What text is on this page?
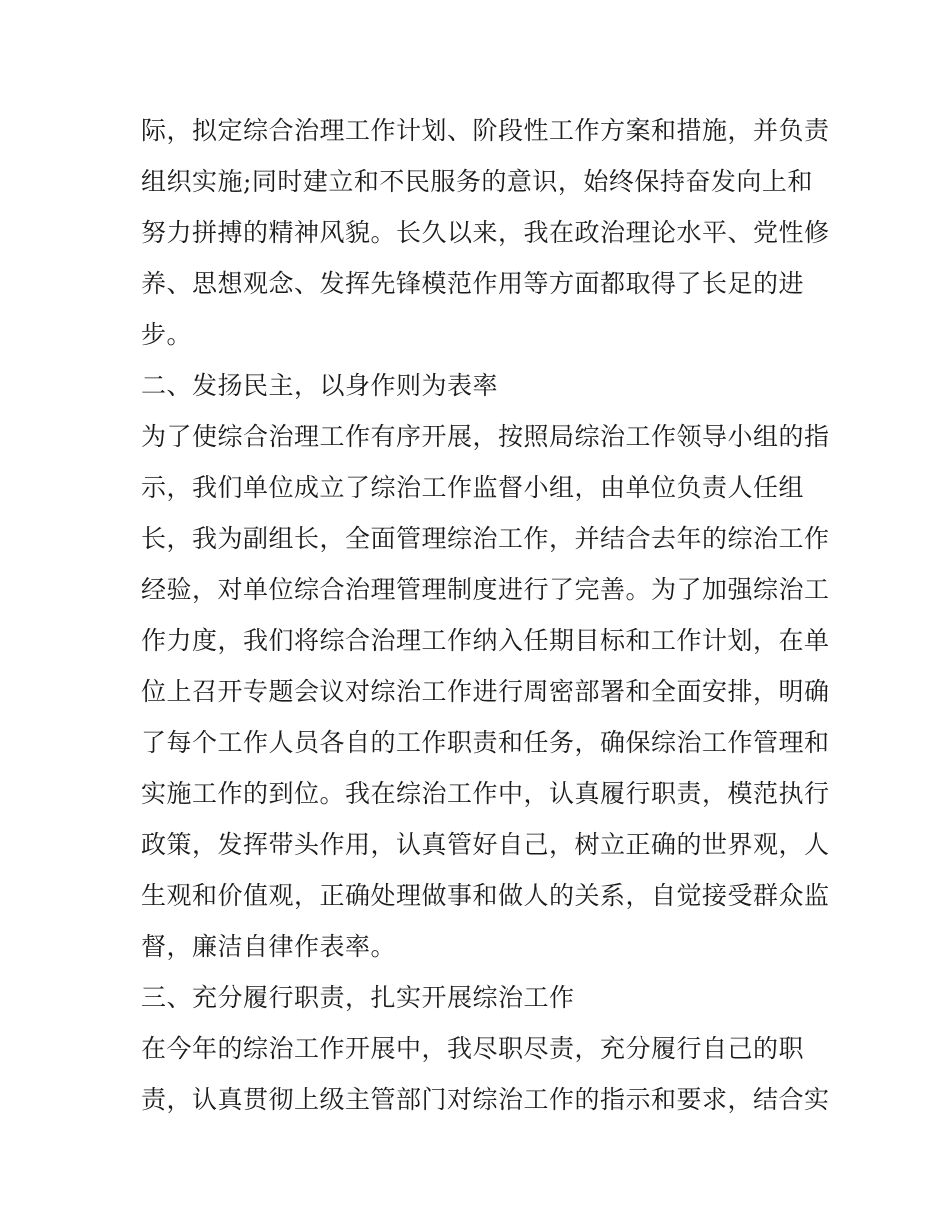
际，拟定综合治理工作计划、阶段性工作方案和措施，并负责
组织实施;同时建立和不民服务的意识，始终保持奋发向上和
努力拼搏的精神风貌。长久以来，我在政治理论水平、党性修
养、思想观念、发挥先锋模范作用等方面都取得了长足的进
步。
二、发扬民主，以身作则为表率
为了使综合治理工作有序开展，按照局综治工作领导小组的指
示，我们单位成立了综治工作监督小组，由单位负责人任组
长，我为副组长，全面管理综治工作，并结合去年的综治工作
经验，对单位综合治理管理制度进行了完善。为了加强综治工
作力度，我们将综合治理工作纳入任期目标和工作计划，在单
位上召开专题会议对综治工作进行周密部署和全面安排，明确
了每个工作人员各自的工作职责和任务，确保综治工作管理和
实施工作的到位。我在综治工作中，认真履行职责，模范执行
政策，发挥带头作用，认真管好自己，树立正确的世界观，人
生观和价值观，正确处理做事和做人的关系，自觉接受群众监
督，廉洁自律作表率。
三、充分履行职责，扎实开展综治工作
在今年的综治工作开展中，我尽职尽责，充分履行自己的职
责，认真贯彻上级主管部门对综治工作的指示和要求，结合实
